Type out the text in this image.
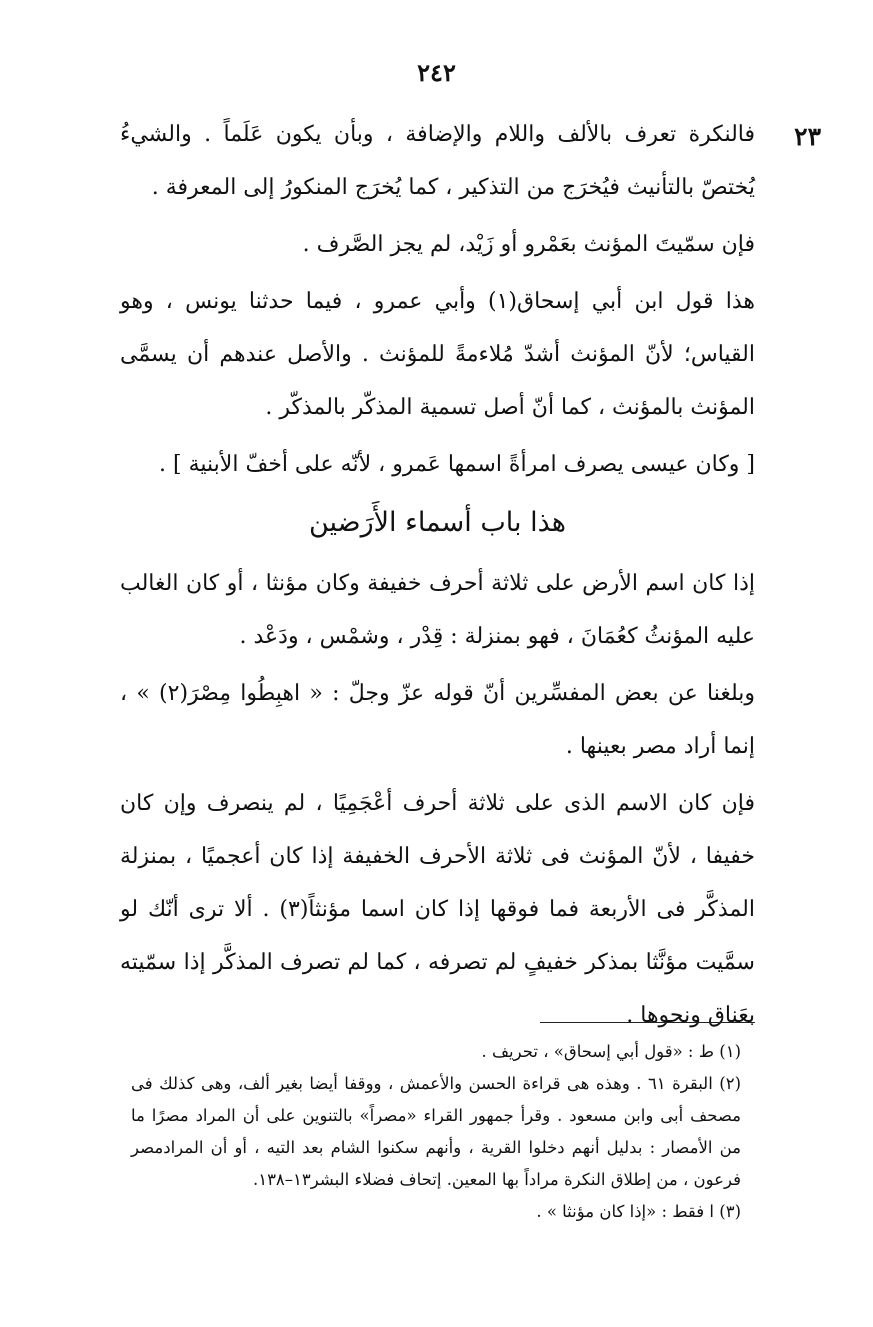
٢٤٢
٢٣

فالنكرة تعرف بالألف واللام والإضافة ، وبأن يكون عَلَماً . والشيءُ يُختصّ بالتأنيث فيُخرَج من التذكير ، كما يُخرَج المنكورُ إلى المعرفة .

فإن سمّيتَ المؤنث بعَمْرو أو زَيْد، لم يجز الصَّرف .

هذا قول ابن أبي إسحاق(١) وأبي عمرو ، فيما حدثنا يونس ، وهو القياس؛ لأنّ المؤنث أشدّ مُلاءمةً للمؤنث . والأصل عندهم أن يسمَّى المؤنث بالمؤنث ، كما أنّ أصل تسمية المذكّر بالمذكّر .

[ وكان عيسى يصرف امرأةً اسمها عَمرو ، لأنّه على أخفّ الأبنية ] .

هذا باب أسماء الأَرَضين

إذا كان اسم الأرض على ثلاثة أحرف خفيفة وكان مؤنثا ، أو كان الغالب عليه المؤنثُ كعُمَانَ ، فهو بمنزلة : قِدْر ، وشمْس ، ودَعْد .

وبلغنا عن بعض المفسِّرين أنّ قوله عزّ وجلّ : « اهبِطُوا مِصْرَ(٢) » ، إنما أراد مصر بعينها .

فإن كان الاسم الذى على ثلاثة أحرف أعْجَمِيًا ، لم ينصرف وإن كان خفيفا ، لأنّ المؤنث فى ثلاثة الأحرف الخفيفة إذا كان أعجميًا ، بمنزلة المذكَّر فى الأربعة فما فوقها إذا كان اسما مؤنثاً(٣) . ألا ترى أنّك لو سمَّيت مؤنَّثا بمذكر خفيفٍ لم تصرفه ، كما لم تصرف المذكَّر إذا سمّيته بعَناق ونحوها .

(١) ط : «قول أبي إسحاق» ، تحريف .

(٢) البقرة ٦١ . وهذه هى قراءة الحسن والأعمش ، ووقفا أيضا بغير ألف، وهى كذلك فى مصحف أبى وابن مسعود . وقرأ جمهور القراء «مصراً» بالتنوين على أن المراد مصرًا ما من الأمصار : بدليل أنهم دخلوا القرية ، وأنهم سكنوا الشام بعد التيه ، أو أن المرادمصر فرعون ، من إطلاق النكرة مراداً بها المعين. إتحاف فضلاء البشر١٣–١٣٨.

(٣) ا فقط : «إذا كان مؤنثا » .
